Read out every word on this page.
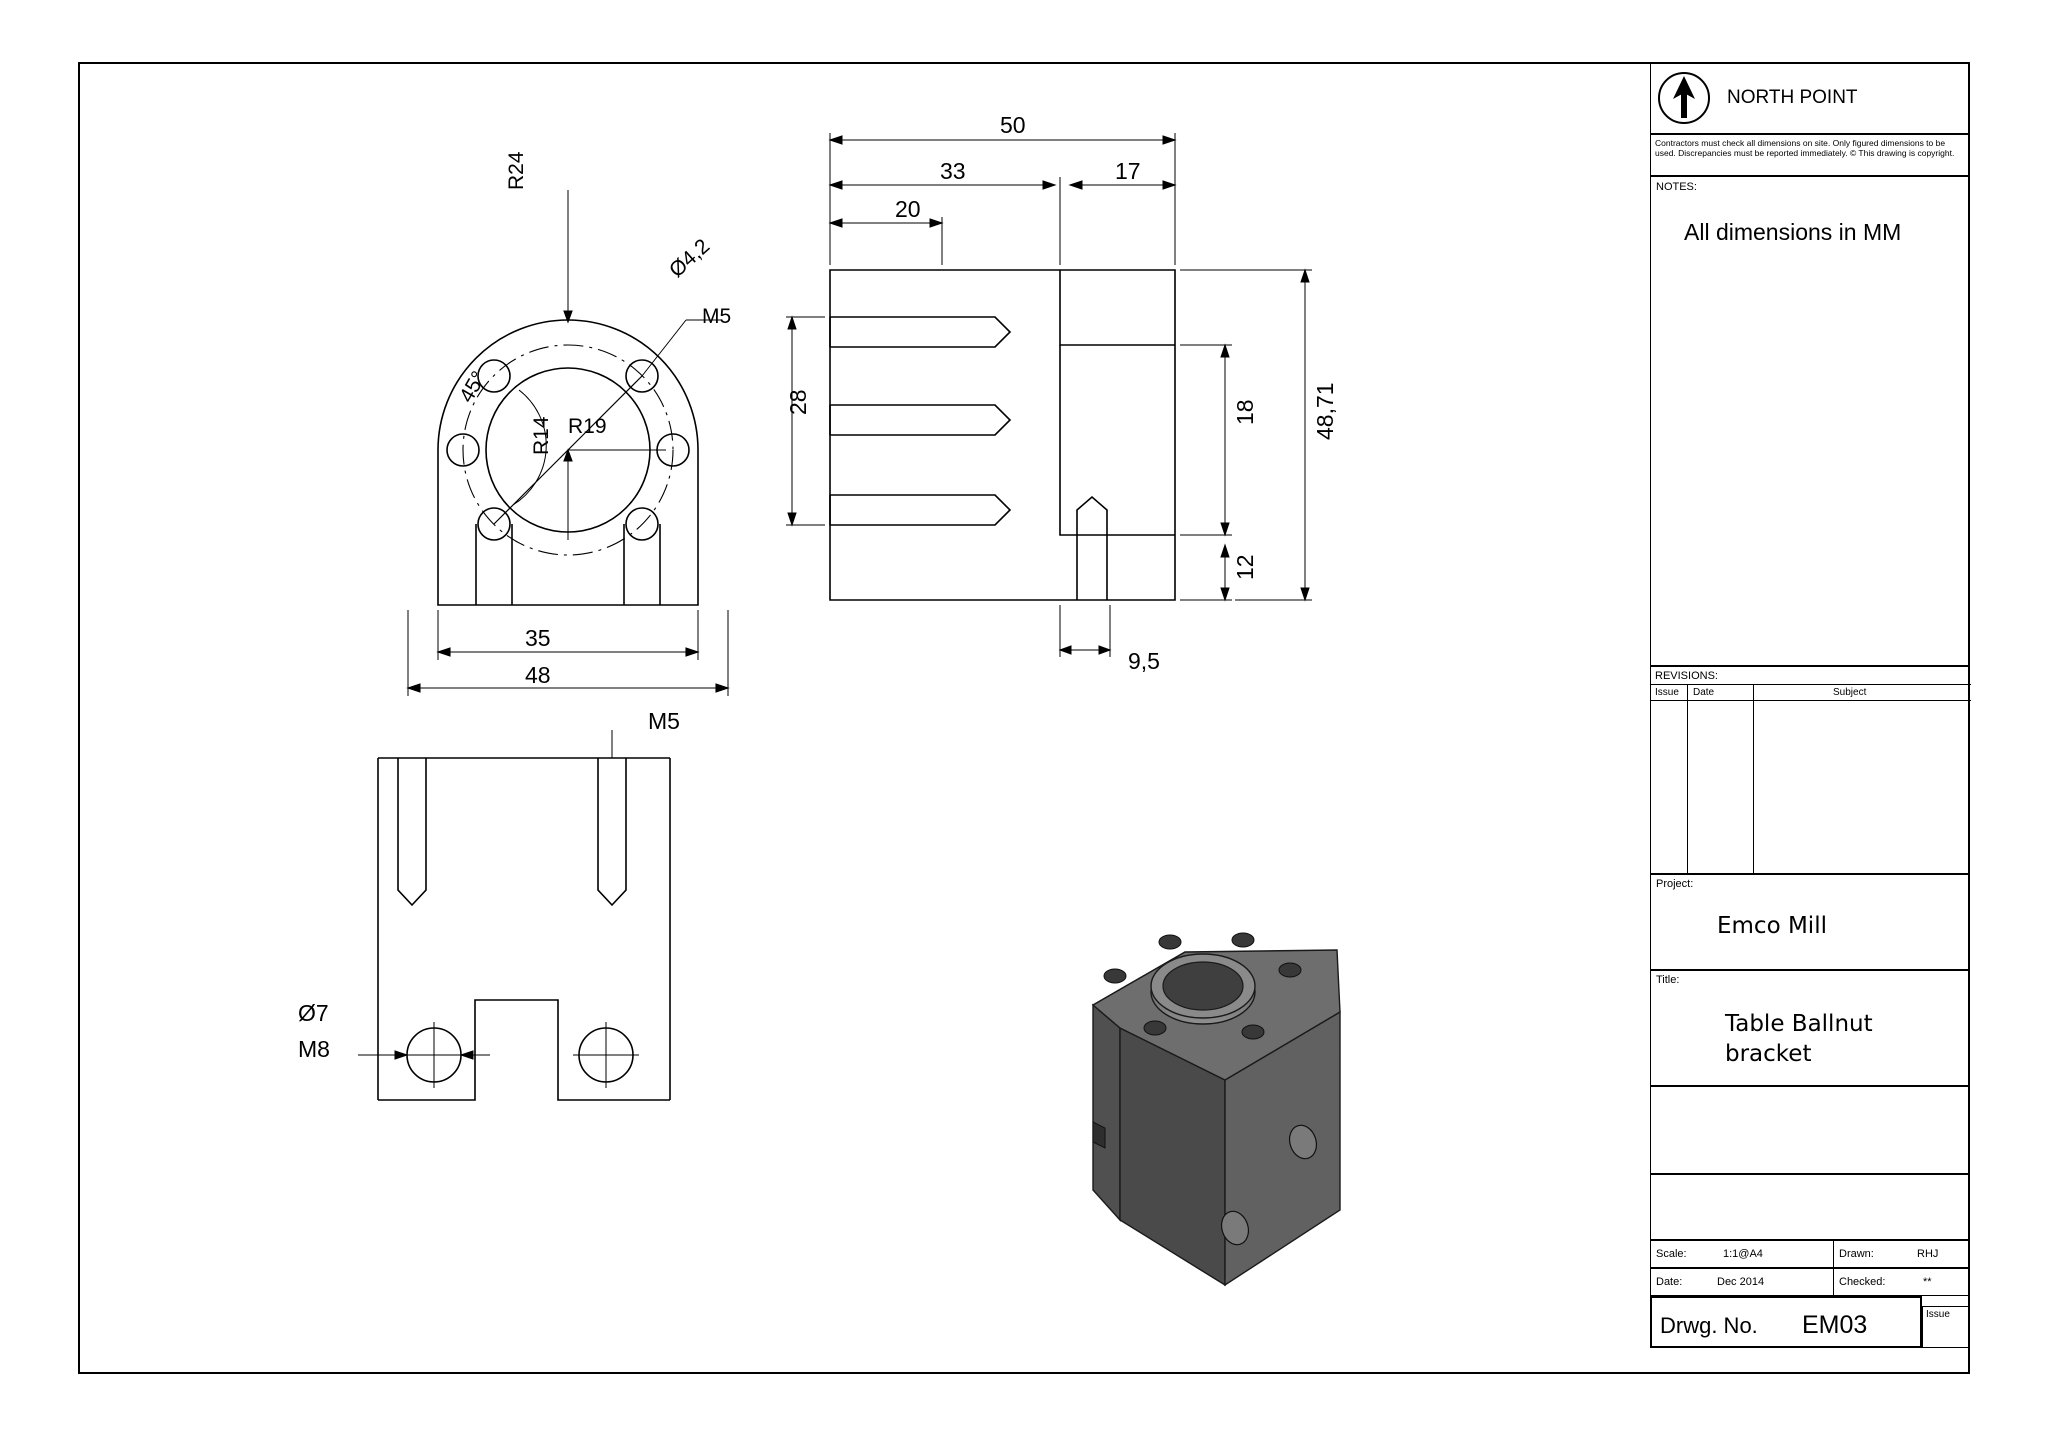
R24
Ø4,2
M5
45°
R19
R14
35
48
50
33	17
20
28	18
12
48,71
9,5
M5
Ø7
M8
NORTH POINT
Contractors must check all dimensions on site. Only figured dimensions to be used. Discrepancies must be reported immediately. © This drawing is copyright.
NOTES:
All dimensions in MM
REVISIONS:
Issue Date	Subject
Project:
Emco Mill
Title:
Table Ballnut
bracket
Scale:	1:1@A4	Drawn:	RHJ
Date:	Dec 2014	Checked:	**
Drwg. No. EM03	Issue
